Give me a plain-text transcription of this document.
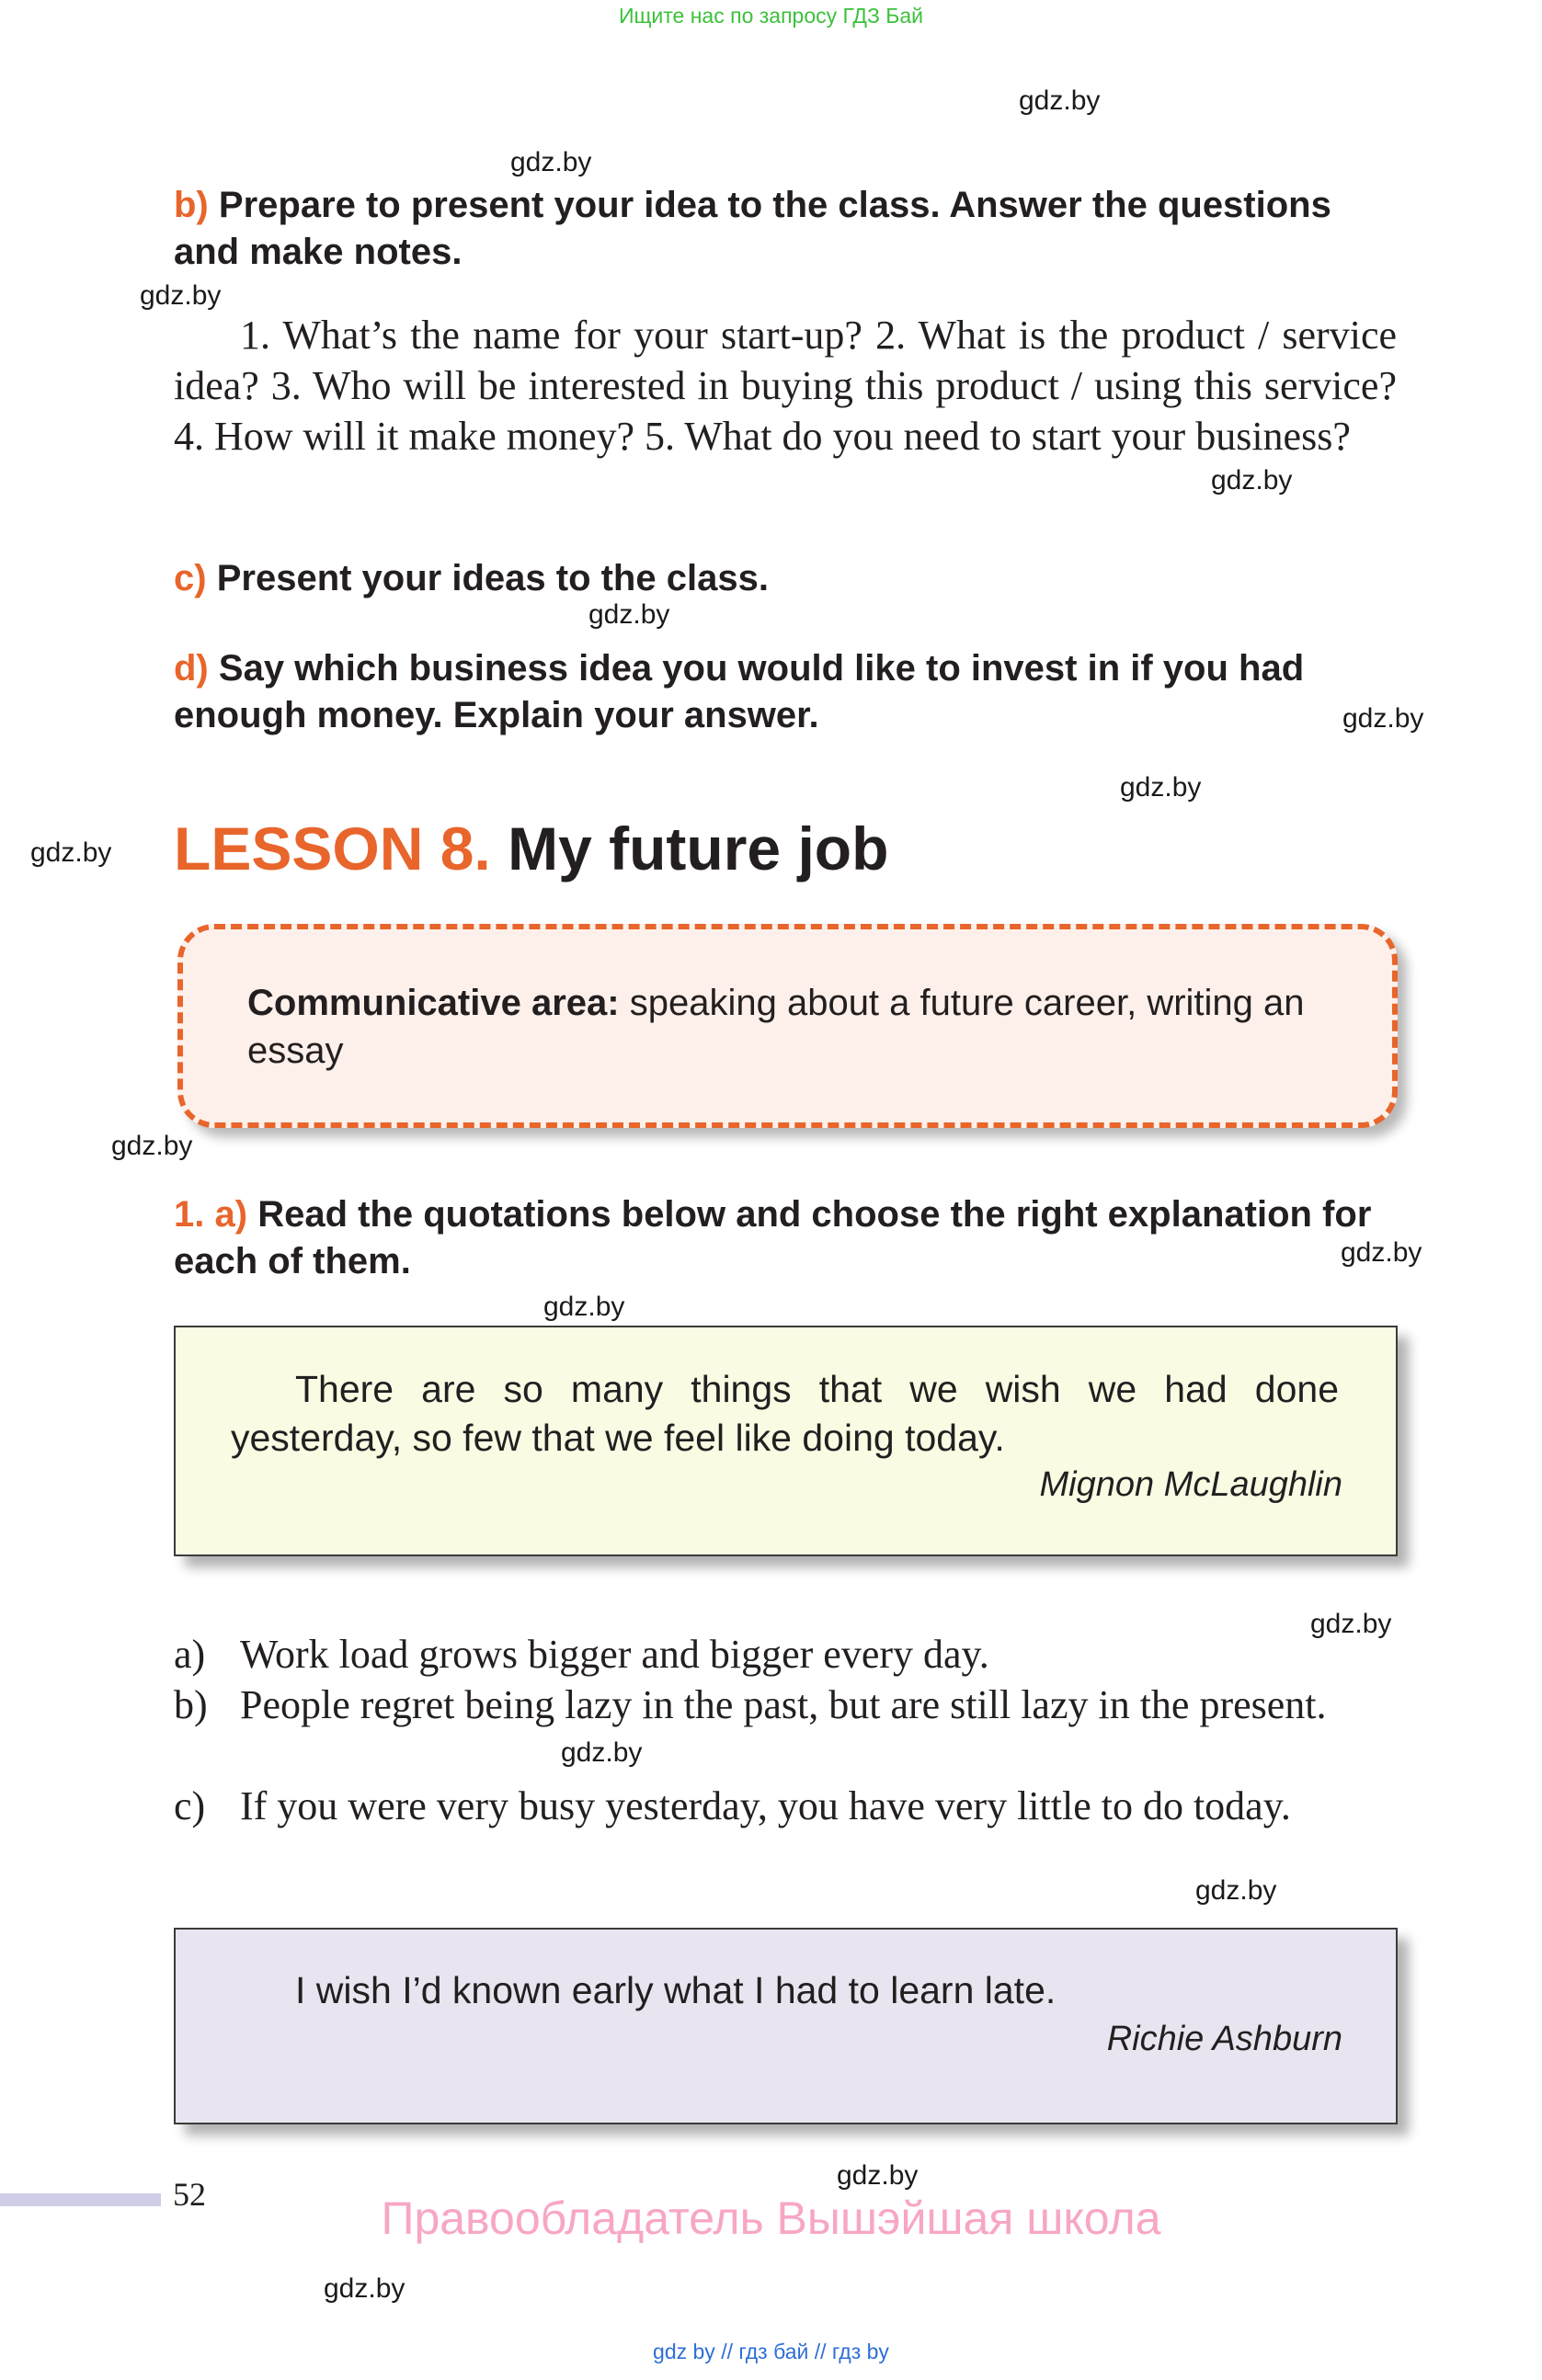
Ищите нас по запросу ГДЗ Бай
gdz.by
gdz.by
gdz.by
gdz.by
gdz.by
gdz.by
gdz.by
gdz.by
gdz.by
gdz.by
gdz.by
gdz.by
gdz.by
gdz.by
gdz.by
gdz.by
b) Prepare to present your idea to the class. Answer the questions and make notes.
1. What’s the name for your start-up? 2. What is the product / service idea? 3. Who will be interested in buying this product / using this service? 4. How will it make money? 5. What do you need to start your business?
c) Present your ideas to the class.
d) Say which business idea you would like to invest in if you had enough money. Explain your answer.
LESSON 8. My future job
Communicative area: speaking about a future career, writing an essay
1. a) Read the quotations below and choose the right explanation for each of them.
There are so many things that we wish we had done yesterday, so few that we feel like doing today.
Mignon McLaughlin
a) Work load grows bigger and bigger every day.
b) People regret being lazy in the past, but are still lazy in the present.
c) If you were very busy yesterday, you have very little to do today.
I wish I’d known early what I had to learn late.
Richie Ashburn
52	Правообладатель Вышэйшая школа
gdz by // гдз бай // гдз by
